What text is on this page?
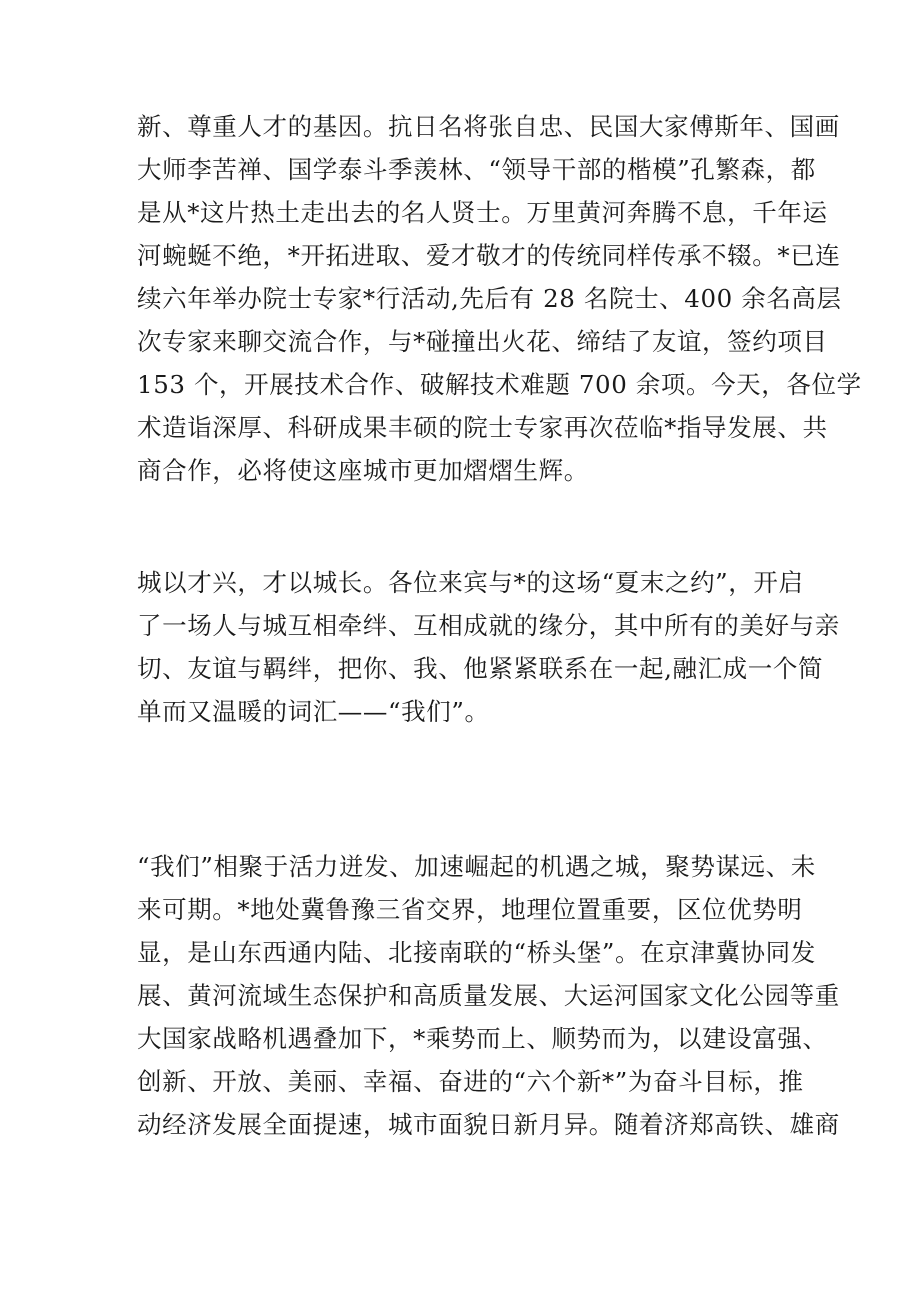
新、尊重人才的基因。抗日名将张自忠、民国大家傅斯年、国画
大师李苦禅、国学泰斗季羡林、“领导干部的楷模”孔繁森，都
是从*这片热土走出去的名人贤士。万里黄河奔腾不息，千年运
河蜿蜒不绝，*开拓进取、爱才敬才的传统同样传承不辍。*已连
续六年举办院士专家*行活动,先后有 28 名院士、400 余名高层
次专家来聊交流合作，与*碰撞出火花、缔结了友谊，签约项目
153 个，开展技术合作、破解技术难题 700 余项。今天，各位学
术造诣深厚、科研成果丰硕的院士专家再次莅临*指导发展、共
商合作，必将使这座城市更加熠熠生辉。
城以才兴，才以城长。各位来宾与*的这场“夏末之约”，开启
了一场人与城互相牵绊、互相成就的缘分，其中所有的美好与亲
切、友谊与羁绊，把你、我、他紧紧联系在一起,融汇成一个简
单而又温暖的词汇——“我们”。
“我们”相聚于活力迸发、加速崛起的机遇之城，聚势谋远、未
来可期。*地处冀鲁豫三省交界，地理位置重要，区位优势明
显，是山东西通内陆、北接南联的“桥头堡”。在京津冀协同发
展、黄河流域生态保护和高质量发展、大运河国家文化公园等重
大国家战略机遇叠加下，*乘势而上、顺势而为，以建设富强、
创新、开放、美丽、幸福、奋进的“六个新*”为奋斗目标，推
动经济发展全面提速，城市面貌日新月异。随着济郑高铁、雄商
